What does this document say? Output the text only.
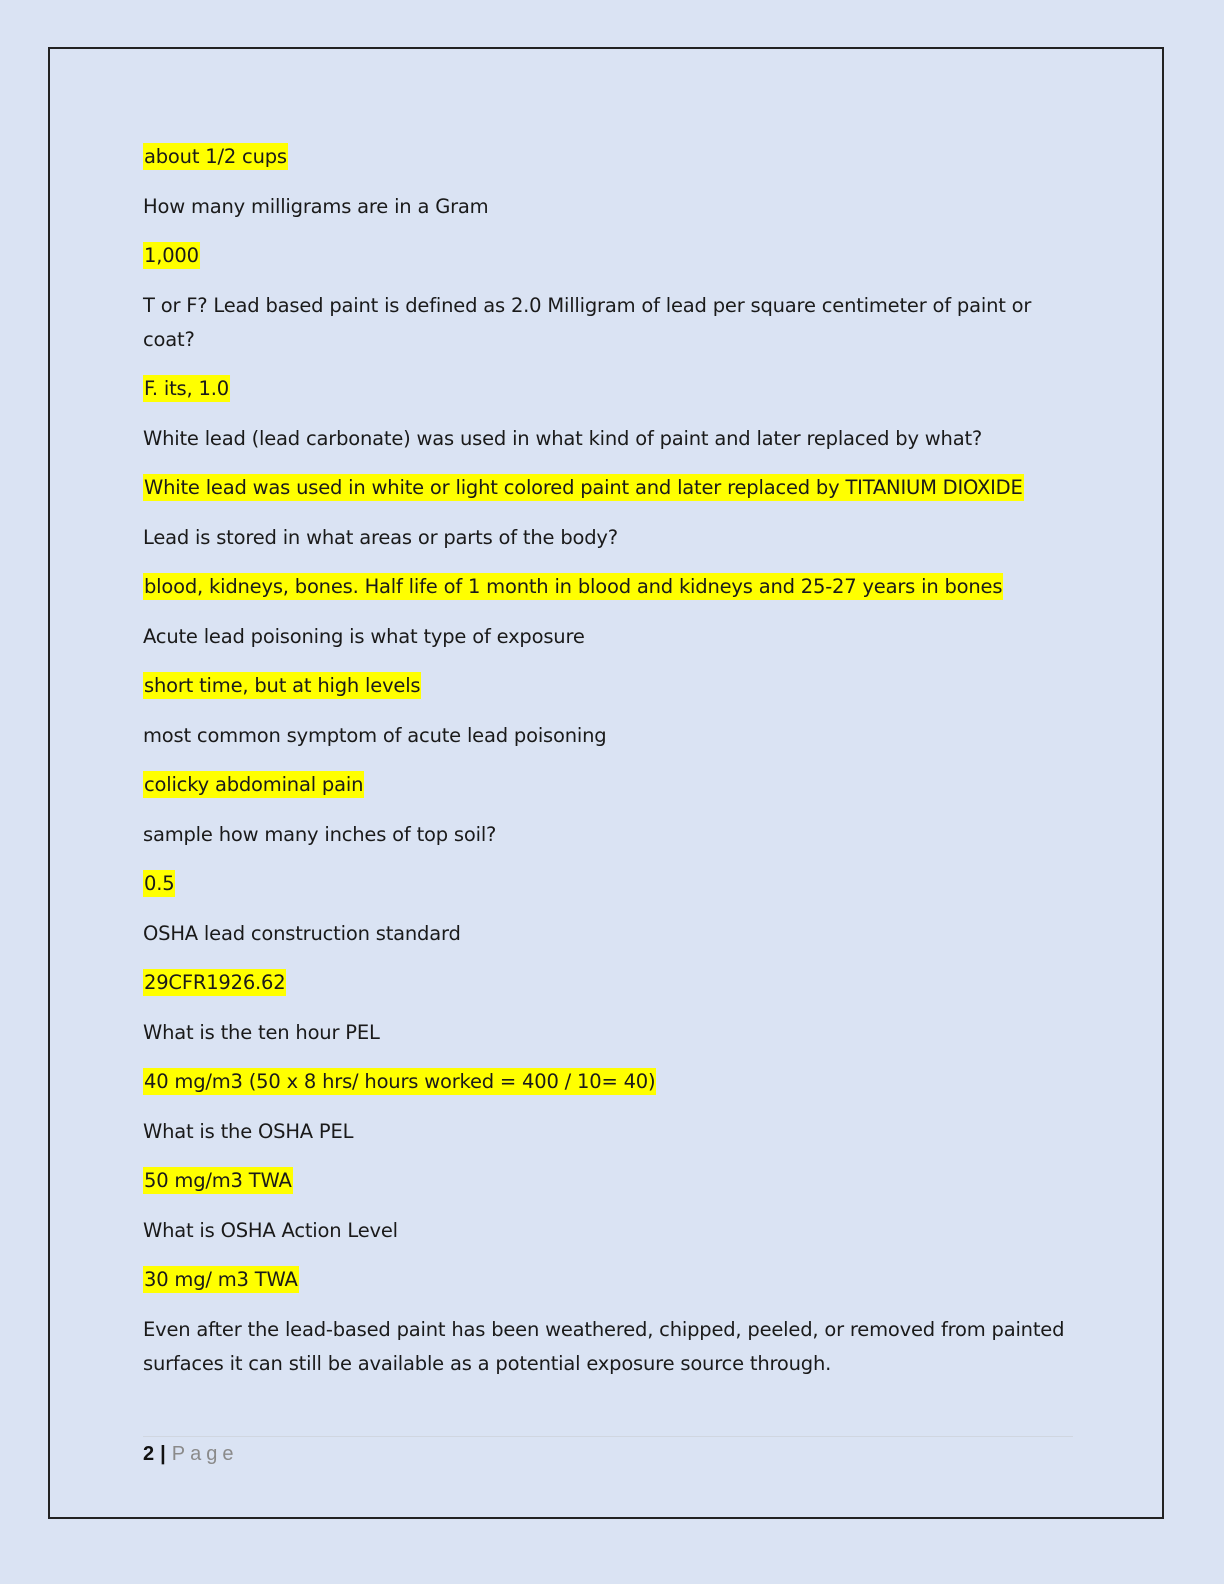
about 1/2 cups

How many milligrams are in a Gram

1,000

T or F? Lead based paint is defined as 2.0 Milligram of lead per square centimeter of paint or coat?

F. its, 1.0

White lead (lead carbonate) was used in what kind of paint and later replaced by what?

White lead was used in white or light colored paint and later replaced by TITANIUM DIOXIDE

Lead is stored in what areas or parts of the body?

blood, kidneys, bones. Half life of 1 month in blood and kidneys and 25-27 years in bones

Acute lead poisoning is what type of exposure

short time, but at high levels

most common symptom of acute lead poisoning

colicky abdominal pain

sample how many inches of top soil?

0.5

OSHA lead construction standard

29CFR1926.62

What is the ten hour PEL

40 mg/m3 (50 x 8 hrs/ hours worked = 400 / 10= 40)

What is the OSHA PEL

50 mg/m3 TWA

What is OSHA Action Level

30 mg/ m3 TWA

Even after the lead-based paint has been weathered, chipped, peeled, or removed from painted surfaces it can still be available as a potential exposure source through.

2 | Page
